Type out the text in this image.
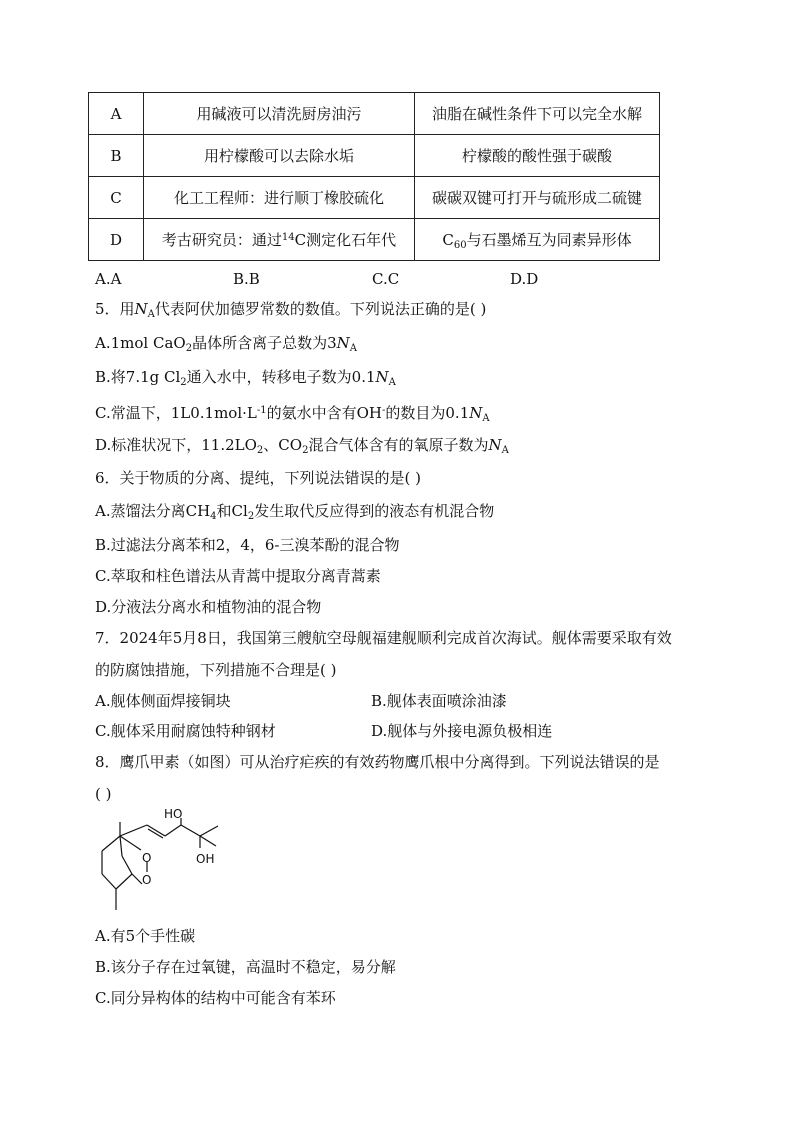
A	用碱液可以清洗厨房油污	油脂在碱性条件下可以完全水解
B	用柠檬酸可以去除水垢	柠檬酸的酸性强于碳酸
C	化工工程师：进行顺丁橡胶硫化	碳碳双键可打开与硫形成二硫键
D	考古研究员：通过$^{14}$C测定化石年代	$C_{60}$与石墨烯互为同素异形体
A.A	B.B	C.C	D.D
5．用$N_A$代表阿伏加德罗常数的数值。下列说法正确的是( )
A.1mol CaO$_2$晶体所含离子总数为$3N_A$
B.将7.1g $Cl_2$通入水中，转移电子数为$0.1N_A$
C.常温下，$1L0.1mol\cdot L^{-1}$的氨水中含有OH-的数目为$0.1N_A$
D.标准状况下，$11.2LO_2$、$CO_2$混合气体含有的氧原子数为$N_A$
6．关于物质的分离、提纯，下列说法错误的是( )
A.蒸馏法分离$CH_4$和$Cl_2$发生取代反应得到的液态有机混合物
B.过滤法分离苯和2，4，6-三溴苯酚的混合物
C.萃取和柱色谱法从青蒿中提取分离青蒿素
D.分液法分离水和植物油的混合物
7．2024年5月8日，我国第三艘航空母舰福建舰顺利完成首次海试。舰体需要采取有效
的防腐蚀措施，下列措施不合理是( )
A.舰体侧面焊接铜块	B.舰体表面喷涂油漆
C.舰体采用耐腐蚀特种钢材	D.舰体与外接电源负极相连
8．鹰爪甲素（如图）可从治疗疟疾的有效药物鹰爪根中分离得到。下列说法错误的是
( )
HO
OH
O
O
A.有5个手性碳
B.该分子存在过氧键，高温时不稳定，易分解
C.同分异构体的结构中可能含有苯环
